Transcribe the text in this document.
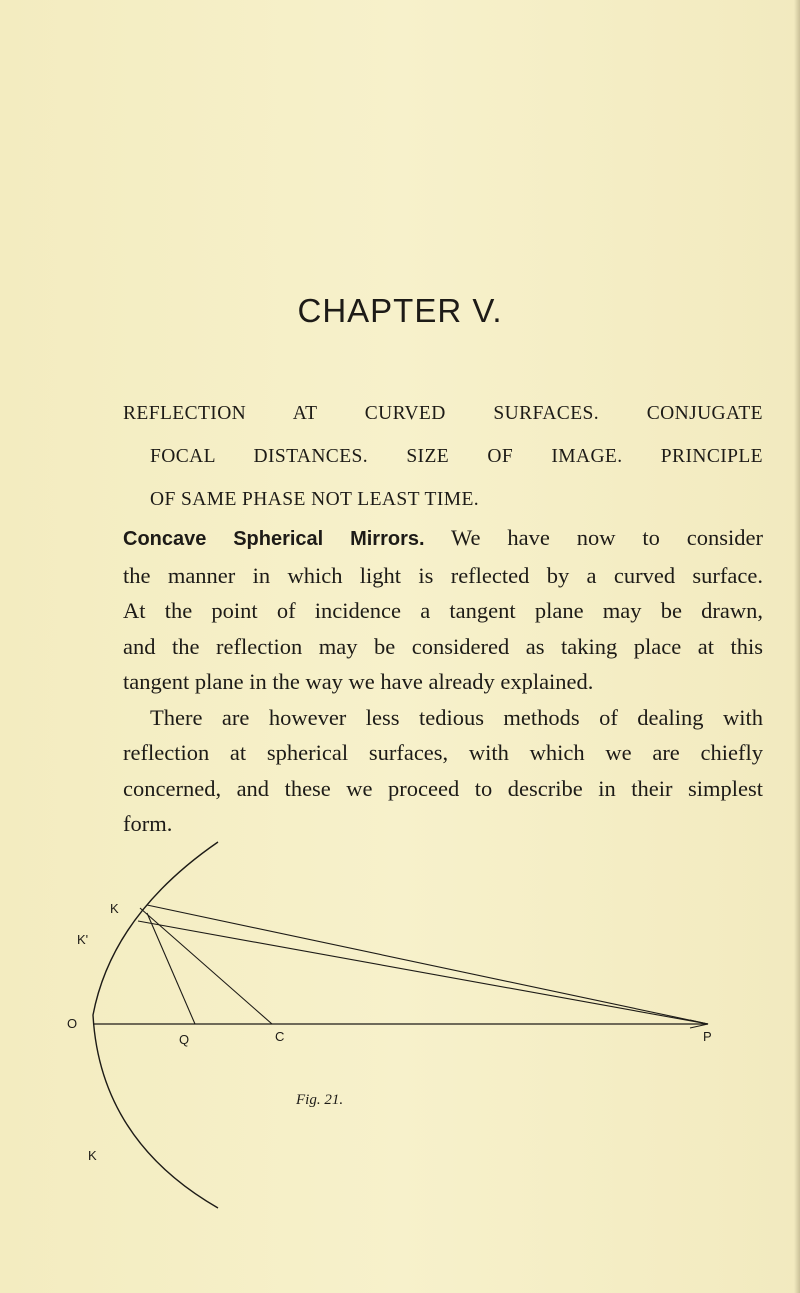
CHAPTER V.

REFLECTION AT CURVED SURFACES. CONJUGATE
FOCAL DISTANCES. SIZE OF IMAGE. PRINCIPLE
OF SAME PHASE NOT LEAST TIME.

Concave Spherical Mirrors. We have now to consider
the manner in which light is reflected by a curved surface.
At the point of incidence a tangent plane may be drawn,
and the reflection may be considered as taking place at this
tangent plane in the way we have already explained.
There are however less tedious methods of dealing with
reflection at spherical surfaces, with which we are chiefly
concerned, and these we proceed to describe in their simplest
form.
K
K'
O
Q	C	P
K
Fig. 21.
